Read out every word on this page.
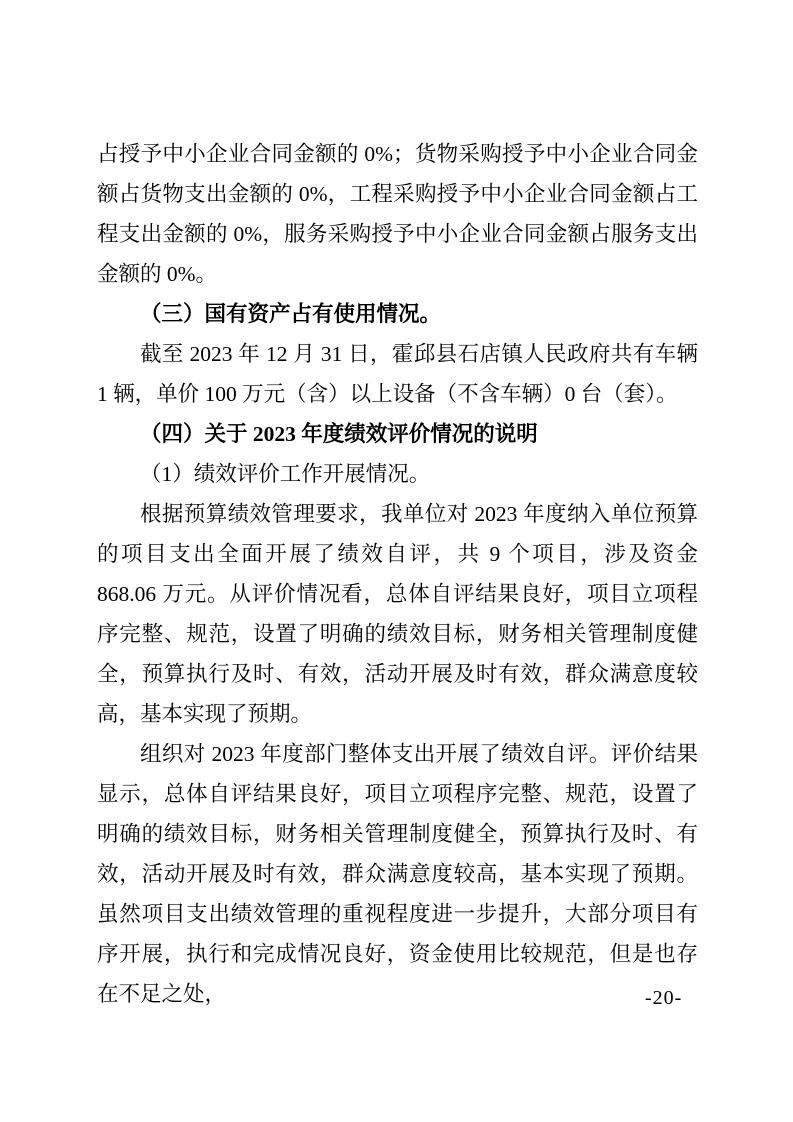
占授予中小企业合同金额的 0%；货物采购授予中小企业合同金额占货物支出金额的 0%，工程采购授予中小企业合同金额占工程支出金额的 0%，服务采购授予中小企业合同金额占服务支出金额的 0%。

（三）国有资产占有使用情况。

截至 2023 年 12 月 31 日，霍邱县石店镇人民政府共有车辆 1 辆，单价 100 万元（含）以上设备（不含车辆）0 台（套）。

（四）关于 2023 年度绩效评价情况的说明

（1）绩效评价工作开展情况。

根据预算绩效管理要求，我单位对 2023 年度纳入单位预算的项目支出全面开展了绩效自评，共 9 个项目，涉及资金 868.06 万元。从评价情况看，总体自评结果良好，项目立项程序完整、规范，设置了明确的绩效目标，财务相关管理制度健全，预算执行及时、有效，活动开展及时有效，群众满意度较高，基本实现了预期。

组织对 2023 年度部门整体支出开展了绩效自评。评价结果显示，总体自评结果良好，项目立项程序完整、规范，设置了明确的绩效目标，财务相关管理制度健全，预算执行及时、有效，活动开展及时有效，群众满意度较高，基本实现了预期。虽然项目支出绩效管理的重视程度进一步提升，大部分项目有序开展，执行和完成情况良好，资金使用比较规范，但是也存在不足之处，	-20-
